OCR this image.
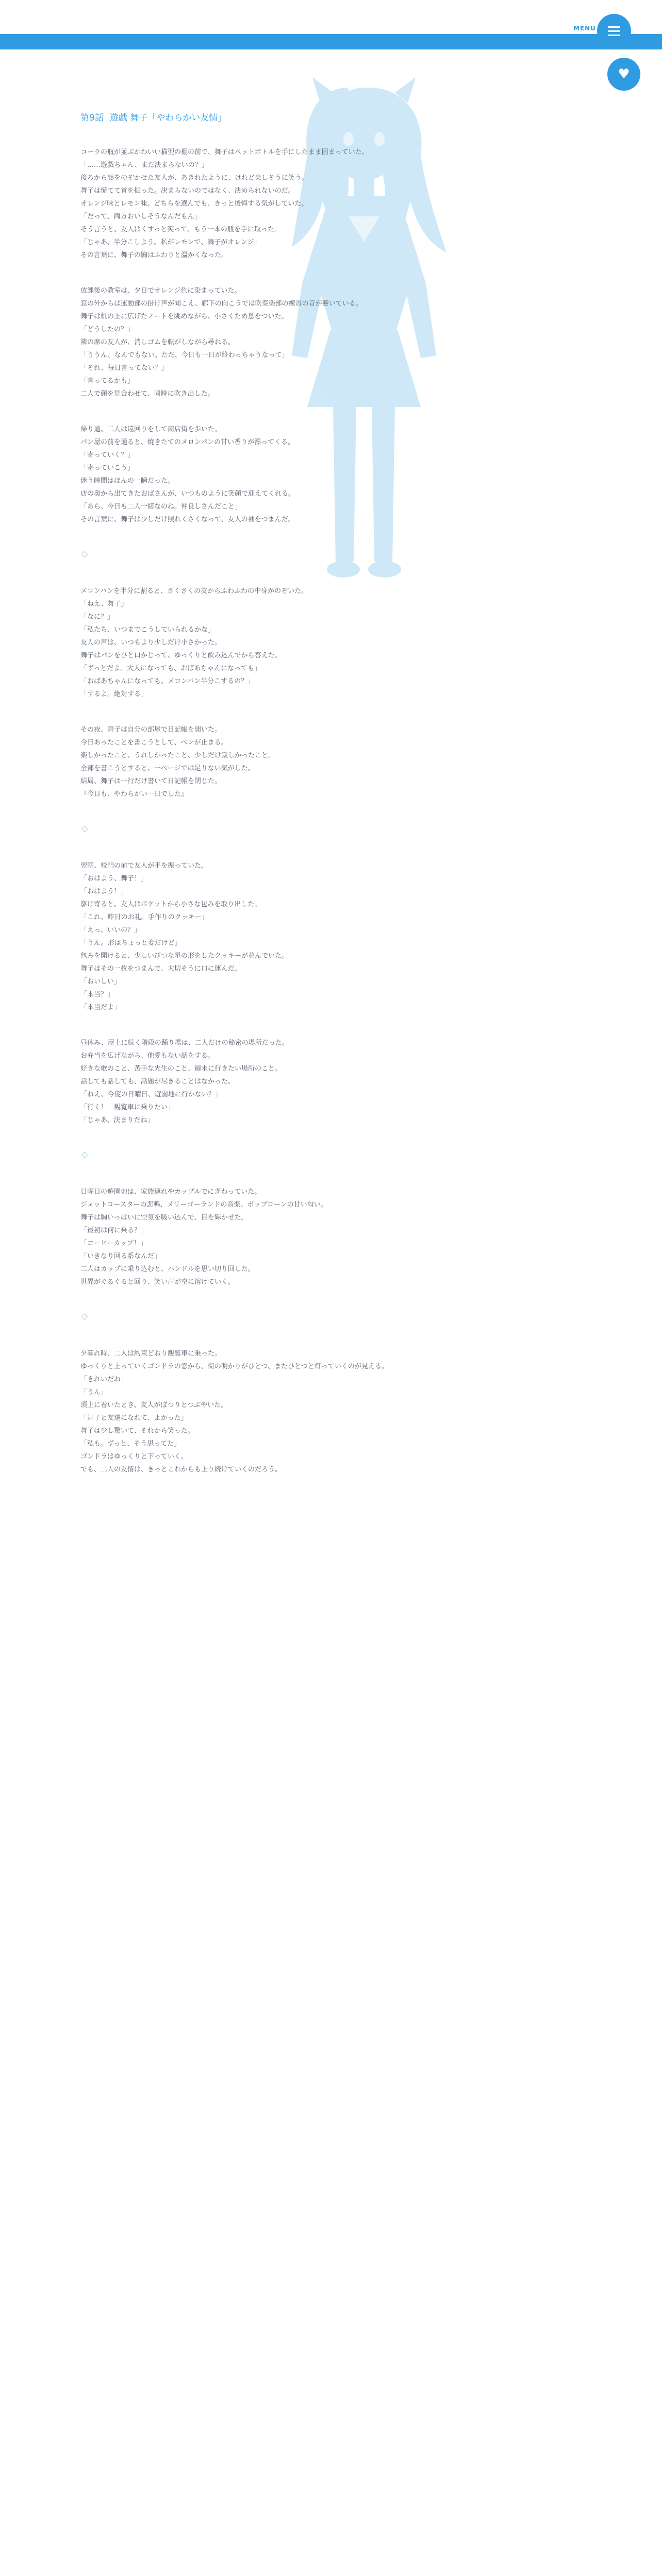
MENU
♥
第9話 遊戯 舞子「やわらかい友情」

コーラの瓶が並ぶかわいい猫型の棚の前で、舞子はペットボトルを手にしたまま固まっていた。
「……遊戯ちゃん、まだ決まらないの？」
後ろから顔をのぞかせた友人が、あきれたように、けれど楽しそうに笑う。
舞子は慌てて首を振った。決まらないのではなく、決められないのだ。
オレンジ味とレモン味。どちらを選んでも、きっと後悔する気がしていた。
「だって、両方おいしそうなんだもん」
そう言うと、友人はくすっと笑って、もう一本の瓶を手に取った。
「じゃあ、半分こしよう。私がレモンで、舞子がオレンジ」
その言葉に、舞子の胸はふわりと温かくなった。

放課後の教室は、夕日でオレンジ色に染まっていた。
窓の外からは運動部の掛け声が聞こえ、廊下の向こうでは吹奏楽部の練習の音が響いている。
舞子は机の上に広げたノートを眺めながら、小さくため息をついた。
「どうしたの？」
隣の席の友人が、消しゴムを転がしながら尋ねる。
「ううん、なんでもない。ただ、今日も一日が終わっちゃうなって」
「それ、毎日言ってない？」
「言ってるかも」
二人で顔を見合わせて、同時に吹き出した。

帰り道、二人は遠回りをして商店街を歩いた。
パン屋の前を通ると、焼きたてのメロンパンの甘い香りが漂ってくる。
「寄っていく？」
「寄っていこう」
迷う時間はほんの一瞬だった。
店の奥から出てきたおばさんが、いつものように笑顔で迎えてくれる。
「あら、今日も二人一緒なのね。仲良しさんだこと」
その言葉に、舞子は少しだけ照れくさくなって、友人の袖をつまんだ。

◇

メロンパンを半分に割ると、さくさくの皮からふわふわの中身がのぞいた。
「ねえ、舞子」
「なに？」
「私たち、いつまでこうしていられるかな」
友人の声は、いつもより少しだけ小さかった。
舞子はパンをひと口かじって、ゆっくりと飲み込んでから答えた。
「ずっとだよ。大人になっても、おばあちゃんになっても」
「おばあちゃんになっても、メロンパン半分こするの？」
「するよ。絶対する」

その夜、舞子は自分の部屋で日記帳を開いた。
今日あったことを書こうとして、ペンが止まる。
楽しかったこと、うれしかったこと、少しだけ寂しかったこと。
全部を書こうとすると、一ページでは足りない気がした。
結局、舞子は一行だけ書いて日記帳を閉じた。
『今日も、やわらかい一日でした』

◇

翌朝、校門の前で友人が手を振っていた。
「おはよう、舞子！」
「おはよう！」
駆け寄ると、友人はポケットから小さな包みを取り出した。
「これ、昨日のお礼。手作りのクッキー」
「えっ、いいの？」
「うん。形はちょっと変だけど」
包みを開けると、少しいびつな星の形をしたクッキーが並んでいた。
舞子はその一枚をつまんで、大切そうに口に運んだ。
「おいしい」
「本当？」
「本当だよ」

昼休み、屋上に続く階段の踊り場は、二人だけの秘密の場所だった。
お弁当を広げながら、他愛もない話をする。
好きな歌のこと、苦手な先生のこと、週末に行きたい場所のこと。
話しても話しても、話題が尽きることはなかった。
「ねえ、今度の日曜日、遊園地に行かない？」
「行く！　観覧車に乗りたい」
「じゃあ、決まりだね」

◇

日曜日の遊園地は、家族連れやカップルでにぎわっていた。
ジェットコースターの悲鳴、メリーゴーランドの音楽、ポップコーンの甘い匂い。
舞子は胸いっぱいに空気を吸い込んで、目を輝かせた。
「最初は何に乗る？」
「コーヒーカップ！」
「いきなり回る系なんだ」
二人はカップに乗り込むと、ハンドルを思い切り回した。
世界がぐるぐると回り、笑い声が空に溶けていく。

◇

夕暮れ時、二人は約束どおり観覧車に乗った。
ゆっくりと上っていくゴンドラの窓から、街の明かりがひとつ、またひとつと灯っていくのが見える。
「きれいだね」
「うん」
頂上に着いたとき、友人がぽつりとつぶやいた。
「舞子と友達になれて、よかった」
舞子は少し驚いて、それから笑った。
「私も。ずっと、そう思ってた」
ゴンドラはゆっくりと下っていく。
でも、二人の友情は、きっとこれからも上り続けていくのだろう。
